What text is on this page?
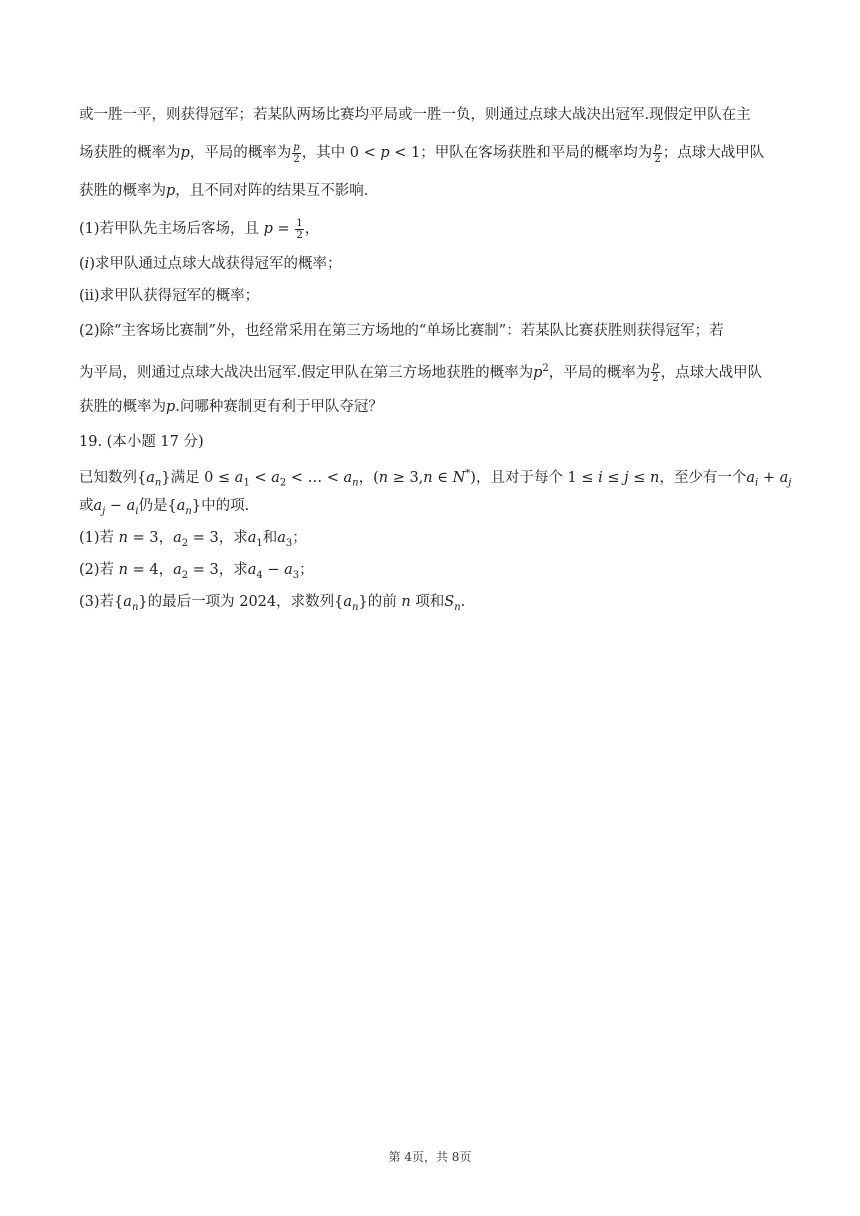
或一胜一平，则获得冠军；若某队两场比赛均平局或一胜一负，则通过点球大战决出冠军.现假定甲队在主

场获胜的概率为p，平局的概率为 $\frac{p}{2}$ ，其中 0 < p < 1；甲队在客场获胜和平局的概率均为 $\frac{p}{2}$ ；点球大战甲队

获胜的概率为p，且不同对阵的结果互不影响.

(1)若甲队先主场后客场，且 $p = \frac{1}{2}$ ，

(i)求甲队通过点球大战获得冠军的概率；

(ⅱ)求甲队获得冠军的概率；

(2)除“主客场比赛制”外，也经常采用在第三方场地的“单场比赛制”：若某队比赛获胜则获得冠军；若

为平局，则通过点球大战决出冠军.假定甲队在第三方场地获胜的概率为$p^2$，平局的概率为 $\frac{p}{2}$ ，点球大战甲队

获胜的概率为p.问哪种赛制更有利于甲队夺冠？

19. (本小题 17 分)

已知数列$\{a_n\}$满足 $0 \le a_1 < a_2$ < … < $a_n$，(n ≥ 3,n ∈ N*)，且对于每个 1 ≤ i ≤ j ≤ n，至少有一个$a_i + a_j$

或$a_j - a_i$仍是$\{a_n\}$中的项.

(1)若 n = 3，$a_2 = 3$，求$a_1$和$a_3$；

(2)若 n = 4，$a_2 = 3$，求$a_4 - a_3$；

(3)若$\{a_n\}$的最后一项为 2024，求数列$\{a_n\}$的前 n 项和$S_n$.

第 4页，共 8页
